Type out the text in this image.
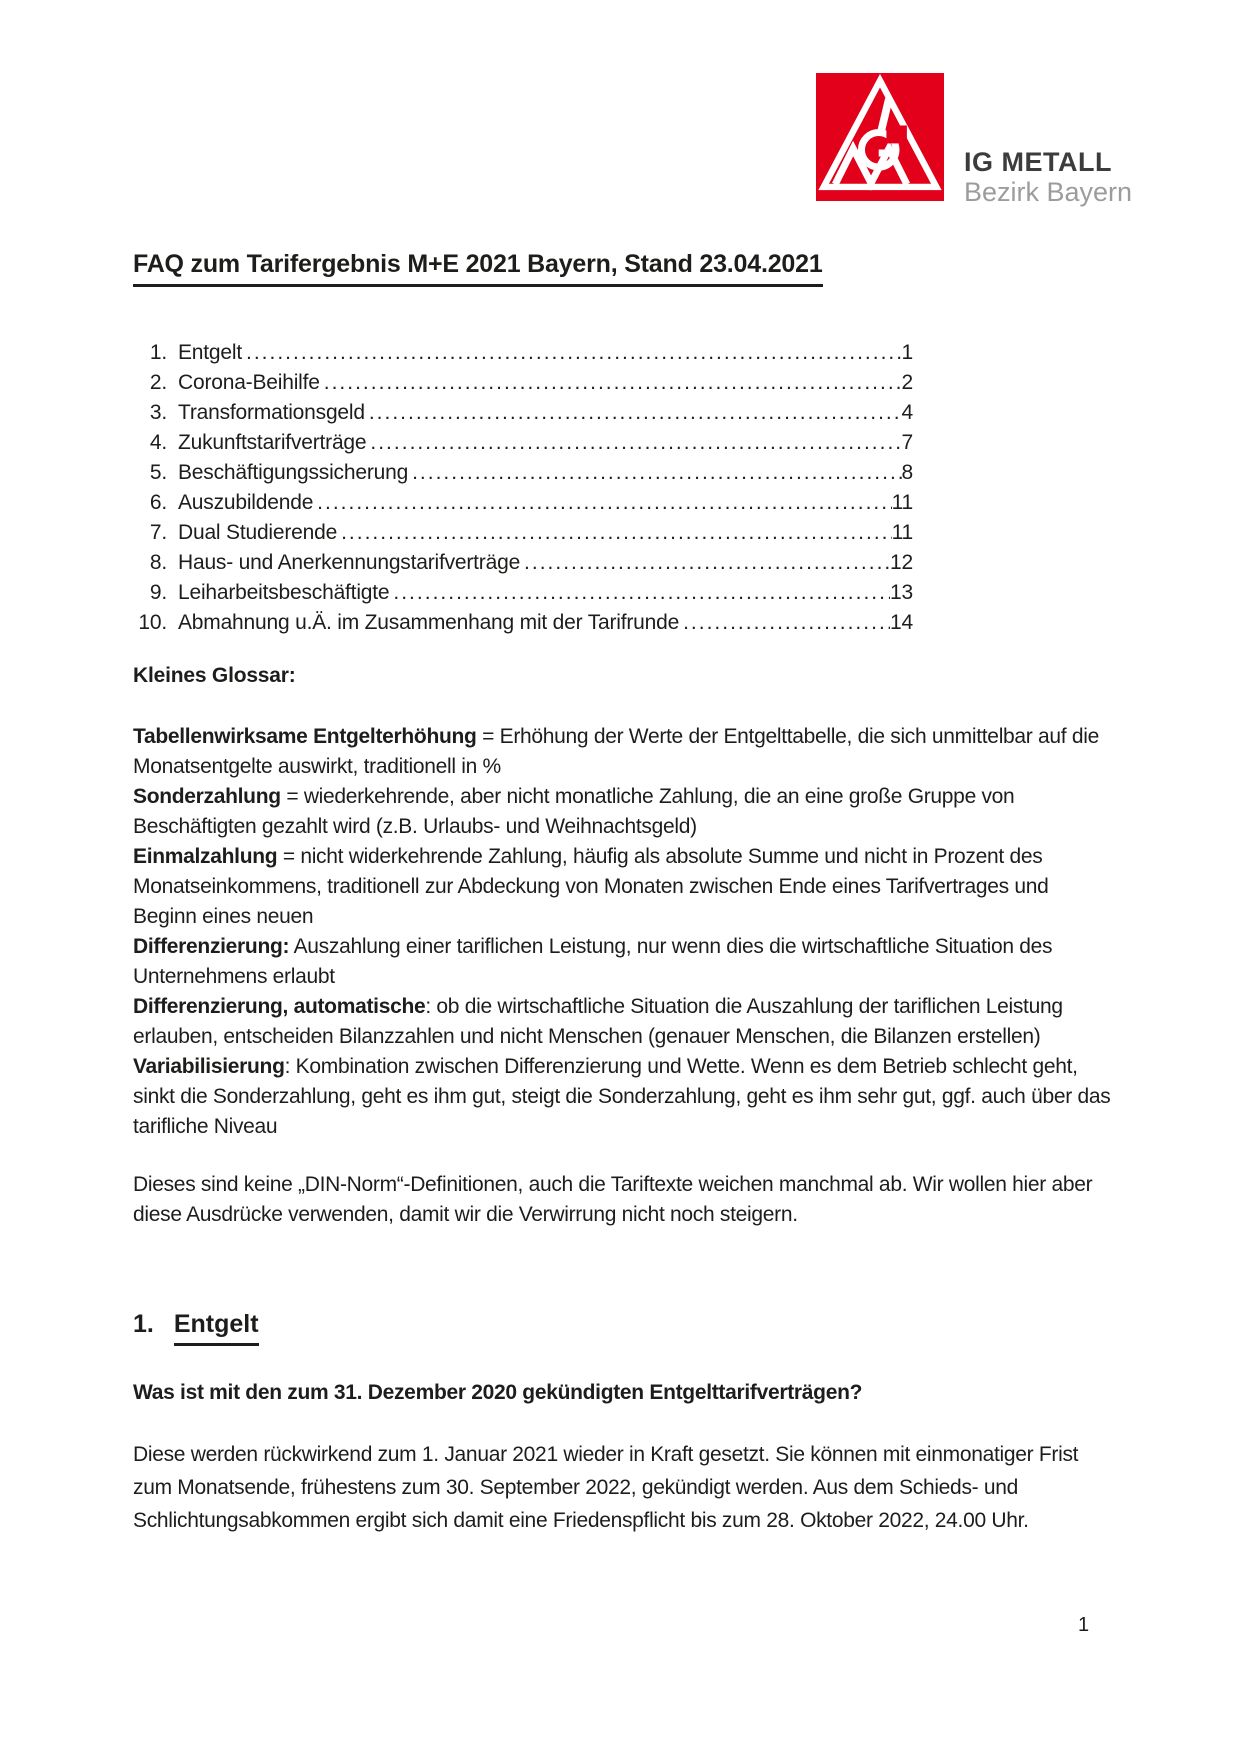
IG METALL
Bezirk Bayern
FAQ zum Tarifergebnis M+E 2021 Bayern, Stand 23.04.2021
1. Entgelt .....	1
2. Corona-Beihilfe .....	2
3. Transformationsgeld .....	4
4. Zukunftstarifverträge .....	7
5. Beschäftigungssicherung .....	8
6. Auszubildende .....	11
7. Dual Studierende .....	11
8. Haus- und Anerkennungstarifverträge .....	12
9. Leiharbeitsbeschäftigte .....	13
10. Abmahnung u.Ä. im Zusammenhang mit der Tarifrunde .....	14
Kleines Glossar:

Tabellenwirksame Entgelterhöhung = Erhöhung der Werte der Entgelttabelle, die sich unmittelbar auf die Monatsentgelte auswirkt, traditionell in %

Sonderzahlung = wiederkehrende, aber nicht monatliche Zahlung, die an eine große Gruppe von Beschäftigten gezahlt wird (z.B. Urlaubs- und Weihnachtsgeld)

Einmalzahlung = nicht widerkehrende Zahlung, häufig als absolute Summe und nicht in Prozent des Monatseinkommens, traditionell zur Abdeckung von Monaten zwischen Ende eines Tarifvertrages und Beginn eines neuen

Differenzierung: Auszahlung einer tariflichen Leistung, nur wenn dies die wirtschaftliche Situation des Unternehmens erlaubt

Differenzierung, automatische: ob die wirtschaftliche Situation die Auszahlung der tariflichen Leistung erlauben, entscheiden Bilanzzahlen und nicht Menschen (genauer Menschen, die Bilanzen erstellen)

Variabilisierung: Kombination zwischen Differenzierung und Wette. Wenn es dem Betrieb schlecht geht, sinkt die Sonderzahlung, geht es ihm gut, steigt die Sonderzahlung, geht es ihm sehr gut, ggf. auch über das tarifliche Niveau

Dieses sind keine „DIN-Norm“-Definitionen, auch die Tariftexte weichen manchmal ab. Wir wollen hier aber diese Ausdrücke verwenden, damit wir die Verwirrung nicht noch steigern.

1. Entgelt
Was ist mit den zum 31. Dezember 2020 gekündigten Entgelttarifverträgen?
Diese werden rückwirkend zum 1. Januar 2021 wieder in Kraft gesetzt. Sie können mit einmonatiger Frist zum Monatsende, frühestens zum 30. September 2022, gekündigt werden. Aus dem Schieds- und Schlichtungsabkommen ergibt sich damit eine Friedenspflicht bis zum 28. Oktober 2022, 24.00 Uhr.
1
